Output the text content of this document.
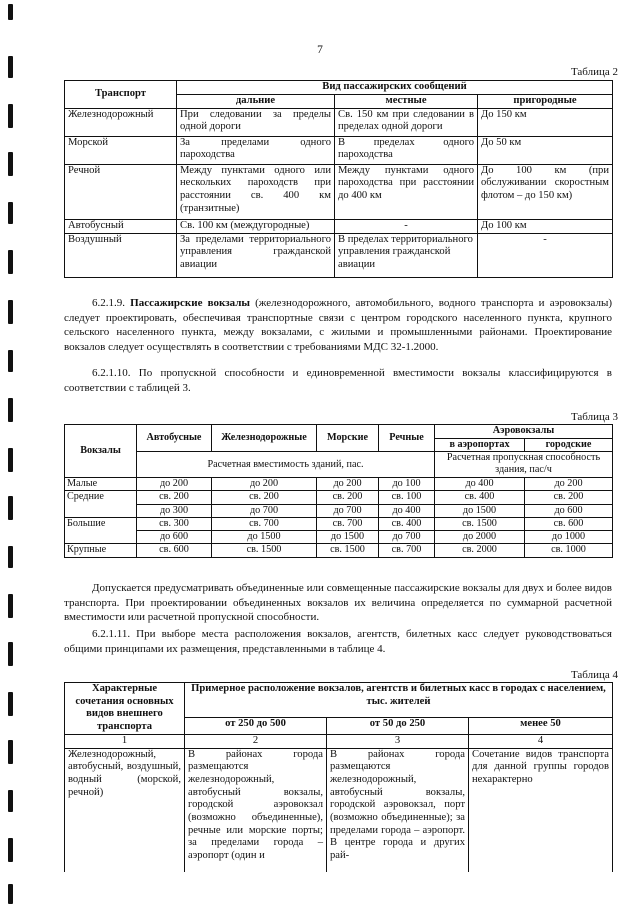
7
Таблица 2
Транспорт	Вид пассажирских сообщений		
	дальние	местные	пригородные
Железнодорожный	При следовании за пределы одной дороги	Св. 150 км при следовании в пределах одной дороги	До 150 км
Морской	За пределами одного пароходства	В пределах одного пароходства	До 50 км
Речной	Между пунктами одного или нескольких пароходств при расстоянии св. 400 км (транзитные)	Между пунктами одного пароходства при расстоянии до 400 км	До 100 км (при обслуживании скоростным флотом – до 150 км)
Автобусный	Св. 100 км (междугородные)	-	До 100 км
Воздушный	За пределами территориального управления гражданской авиации	В пределах территориального управления гражданской авиации	-

6.2.1.9. Пассажирские вокзалы (железнодорожного, автомобильного, водного транспорта и аэровокзалы) следует проектировать, обеспечивая транспортные связи с центром городского населенного пункта, крупного сельского населенного пункта, между вокзалами, с жилыми и промышленными районами. Проектирование вокзалов следует осуществлять в соответствии с требованиями МДС 32-1.2000.

6.2.1.10. По пропускной способности и единовременной вместимости вокзалы классифицируются в соответствии с таблицей 3.

Таблица 3
Вокзалы	Автобусные	Железнодорожные	Морские	Речные	Аэровокзалы	
					в аэропортах	городские
	Расчетная вместимость зданий, пас.				Расчетная пропускная способность здания, пас/ч	
Малые	до 200	до 200	до 200	до 100	до 400	до 200
Средние	св. 200	св. 200	св. 200	св. 100	св. 400	св. 200
	до 300	до 700	до 700	до 400	до 1500	до 600
Большие	св. 300	св. 700	св. 700	св. 400	св. 1500	св. 600
	до 600	до 1500	до 1500	до 700	до 2000	до 1000
Крупные	св. 600	св. 1500	св. 1500	св. 700	св. 2000	св. 1000

Допускается предусматривать объединенные или совмещенные пассажирские вокзалы для двух и более видов транспорта. При проектировании объединенных вокзалов их величина определяется по суммарной расчетной вместимости или расчетной пропускной способности.

6.2.1.11. При выборе места расположения вокзалов, агентств, билетных касс следует руководствоваться общими принципами их размещения, представленными в таблице 4.

Таблица 4
Характерные сочетания основных видов внешнего транспорта	Примерное расположение вокзалов, агентств и билетных касс в городах с населением, тыс. жителей		
	от 250 до 500	от 50 до 250	менее 50
1	2	3	4
Железнодорожный, автобусный, воздушный, водный (морской, речной)	В районах города размещаются железнодорожный, автобусный вокзалы, городской аэровокзал (возможно объединенные), речные или морские порты; за пределами города – аэропорт (один и	В районах города размещаются железнодорожный, автобусный вокзалы, городской аэровокзал, порт (возможно объединенные); за пределами города – аэропорт. В центре города и других рай-	Сочетание видов транспорта для данной группы городов нехарактерно
